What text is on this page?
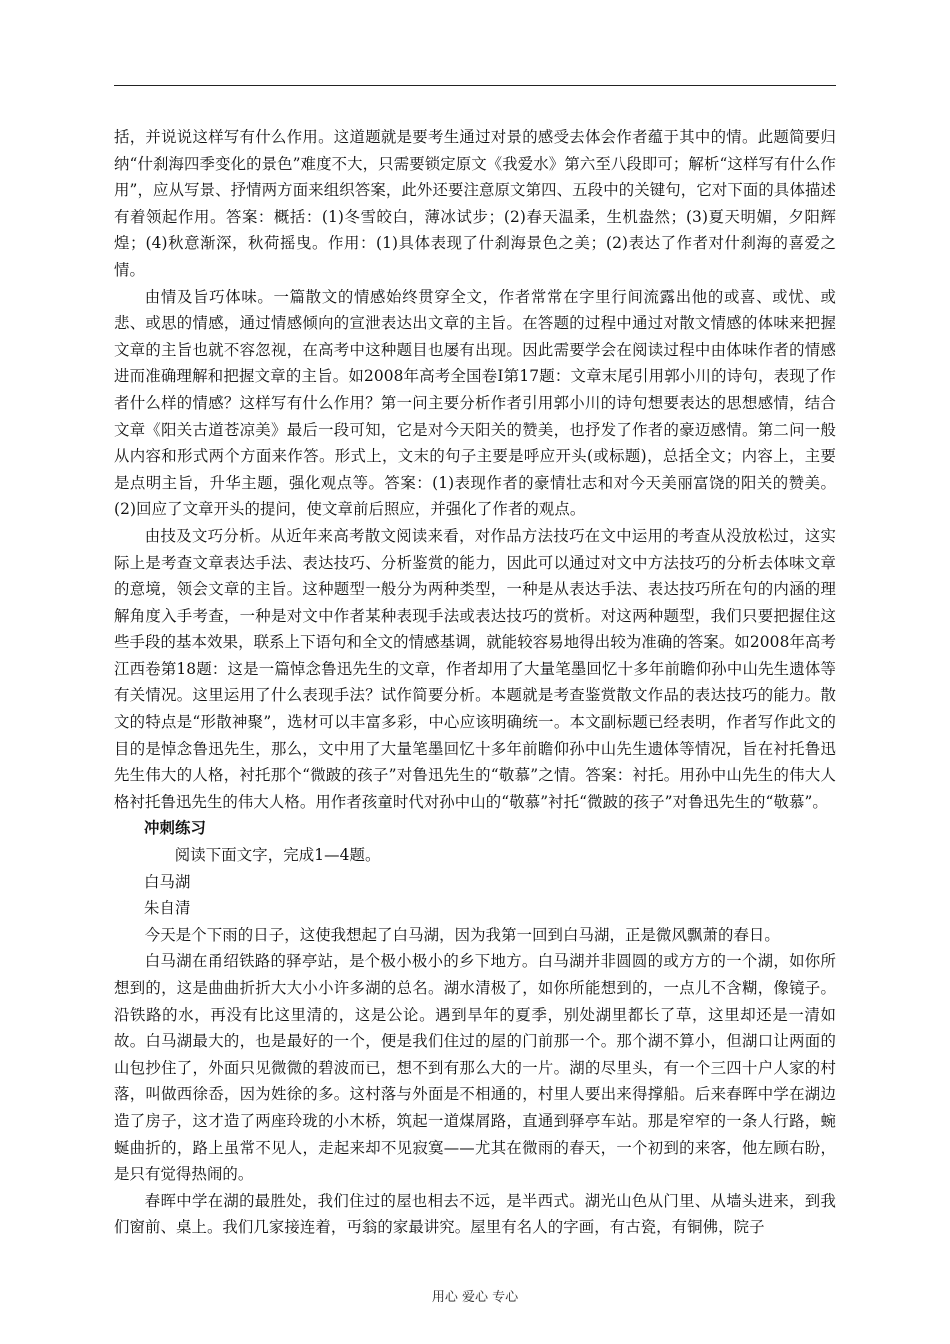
括，并说说这样写有什么作用。这道题就是要考生通过对景的感受去体会作者蕴于其中的情。此题简要归纳“什刹海四季变化的景色”难度不大，只需要锁定原文《我爱水》第六至八段即可；解析“这样写有什么作用”，应从写景、抒情两方面来组织答案，此外还要注意原文第四、五段中的关键句，它对下面的具体描述有着领起作用。答案：概括：(1)冬雪皎白，薄冰试步；(2)春天温柔，生机盎然；(3)夏天明媚，夕阳辉煌；(4)秋意渐深，秋荷摇曳。作用：(1)具体表现了什刹海景色之美；(2)表达了作者对什刹海的喜爱之情。

由情及旨巧体味。一篇散文的情感始终贯穿全文，作者常常在字里行间流露出他的或喜、或忧、或悲、或思的情感，通过情感倾向的宣泄表达出文章的主旨。在答题的过程中通过对散文情感的体味来把握文章的主旨也就不容忽视，在高考中这种题目也屡有出现。因此需要学会在阅读过程中由体味作者的情感进而准确理解和把握文章的主旨。如2008年高考全国卷Ⅰ第17题：文章末尾引用郭小川的诗句，表现了作者什么样的情感？这样写有什么作用？第一问主要分析作者引用郭小川的诗句想要表达的思想感情，结合文章《阳关古道苍凉美》最后一段可知，它是对今天阳关的赞美，也抒发了作者的豪迈感情。第二问一般从内容和形式两个方面来作答。形式上，文末的句子主要是呼应开头(或标题)，总括全文；内容上，主要是点明主旨，升华主题，强化观点等。答案：(1)表现作者的豪情壮志和对今天美丽富饶的阳关的赞美。(2)回应了文章开头的提问，使文章前后照应，并强化了作者的观点。

由技及文巧分析。从近年来高考散文阅读来看，对作品方法技巧在文中运用的考查从没放松过，这实际上是考查文章表达手法、表达技巧、分析鉴赏的能力，因此可以通过对文中方法技巧的分析去体味文章的意境，领会文章的主旨。这种题型一般分为两种类型，一种是从表达手法、表达技巧所在句的内涵的理解角度入手考查，一种是对文中作者某种表现手法或表达技巧的赏析。对这两种题型，我们只要把握住这些手段的基本效果，联系上下语句和全文的情感基调，就能较容易地得出较为准确的答案。如2008年高考江西卷第18题：这是一篇悼念鲁迅先生的文章，作者却用了大量笔墨回忆十多年前瞻仰孙中山先生遗体等有关情况。这里运用了什么表现手法？试作简要分析。本题就是考查鉴赏散文作品的表达技巧的能力。散文的特点是“形散神聚”，选材可以丰富多彩，中心应该明确统一。本文副标题已经表明，作者写作此文的目的是悼念鲁迅先生，那么，文中用了大量笔墨回忆十多年前瞻仰孙中山先生遗体等情况，旨在衬托鲁迅先生伟大的人格，衬托那个“微跛的孩子”对鲁迅先生的“敬慕”之情。答案：衬托。用孙中山先生的伟大人格衬托鲁迅先生的伟大人格。用作者孩童时代对孙中山的“敬慕”衬托“微跛的孩子”对鲁迅先生的“敬慕”。

冲刺练习

阅读下面文字，完成1—4题。

白马湖

朱自清

今天是个下雨的日子，这使我想起了白马湖，因为我第一回到白马湖，正是微风飘萧的春日。

白马湖在甬绍铁路的驿亭站，是个极小极小的乡下地方。白马湖并非圆圆的或方方的一个湖，如你所想到的，这是曲曲折折大大小小许多湖的总名。湖水清极了，如你所能想到的，一点儿不含糊，像镜子。沿铁路的水，再没有比这里清的，这是公论。遇到旱年的夏季，别处湖里都长了草，这里却还是一清如故。白马湖最大的，也是最好的一个，便是我们住过的屋的门前那一个。那个湖不算小，但湖口让两面的山包抄住了，外面只见微微的碧波而已，想不到有那么大的一片。湖的尽里头，有一个三四十户人家的村落，叫做西徐岙，因为姓徐的多。这村落与外面是不相通的，村里人要出来得撑船。后来春晖中学在湖边造了房子，这才造了两座玲珑的小木桥，筑起一道煤屑路，直通到驿亭车站。那是窄窄的一条人行路，蜿蜒曲折的，路上虽常不见人，走起来却不见寂寞——尤其在微雨的春天，一个初到的来客，他左顾右盼，是只有觉得热闹的。

春晖中学在湖的最胜处，我们住过的屋也相去不远，是半西式。湖光山色从门里、从墙头进来，到我们窗前、桌上。我们几家接连着，丏翁的家最讲究。屋里有名人的字画，有古瓷，有铜佛，院子

用心 爱心 专心
